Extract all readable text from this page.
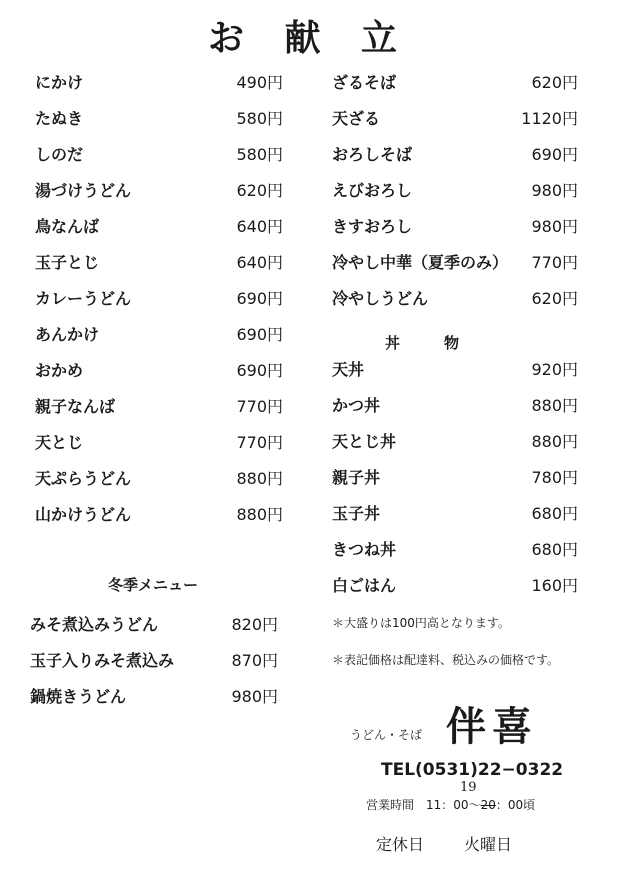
お 献 立
にかけ	490円
たぬき	580円
しのだ	580円
湯づけうどん	620円
鳥なんば	640円
玉子とじ	640円
カレーうどん	690円
あんかけ	690円
おかめ	690円
親子なんば	770円
天とじ	770円
天ぷらうどん	880円
山かけうどん	880円
冬季メニュー
みそ煮込みうどん	820円
玉子入りみそ煮込み	870円
鍋焼きうどん	980円
ざるそば	620円
天ざる	1120円
おろしそば	690円
えびおろし	980円
きすおろし	980円
冷やし中華（夏季のみ） 770円
冷やしうどん	620円
丼	物
天丼	920円
かつ丼	880円
天とじ丼	880円
親子丼	780円
玉子丼	680円
きつね丼	680円
白ごはん	160円
＊大盛りは100円高となります。
＊表記価格は配達料、税込みの価格です。
うどん・そば 伴喜
TEL(0531)22−0322
19
営業時間 11：00〜20：00頃
定休日	火曜日
